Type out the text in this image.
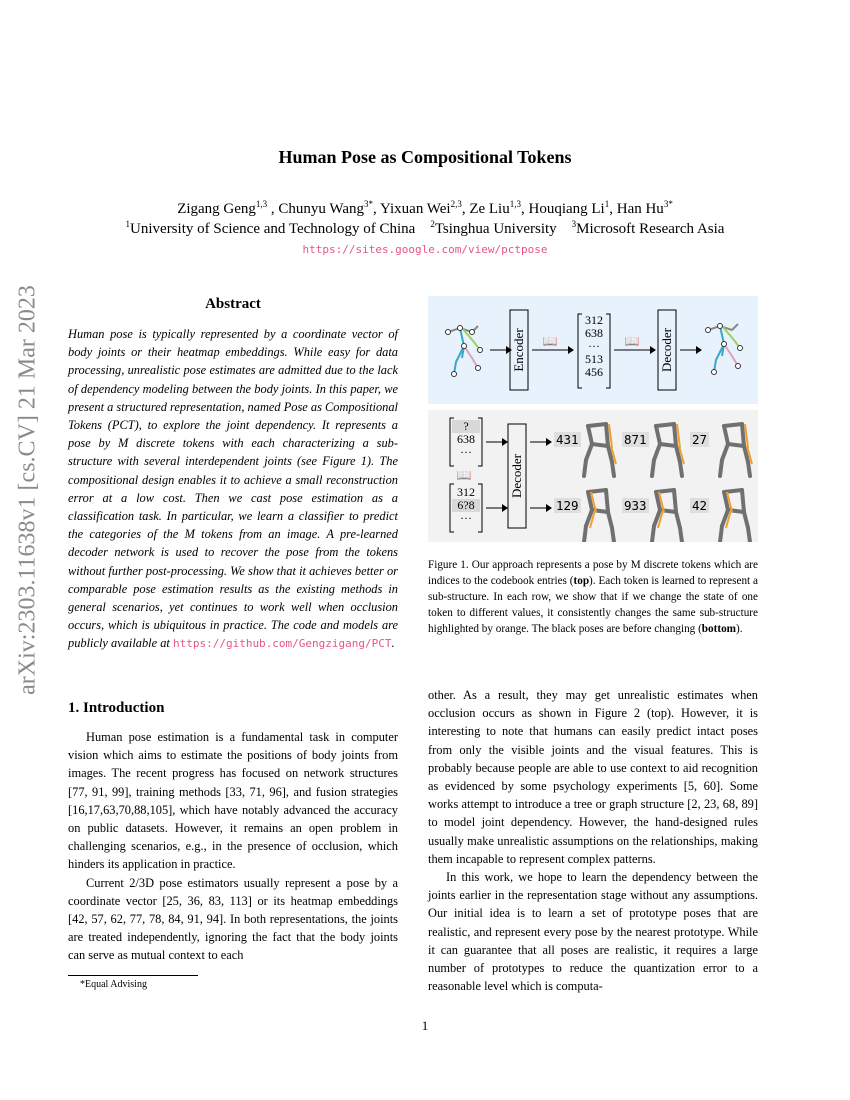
Human Pose as Compositional Tokens
Zigang Geng$^{1,3}$ , Chunyu Wang$^{3*}$, Yixuan Wei$^{2,3}$, Ze Liu$^{1,3}$, Houqiang Li$^1$, Han $Hu^{3*}$
$^1$University of Science and Technology of China  $^2$Tsinghua University  $^3$Microsoft Research Asia
https://sites.google.com/view/pctpose
arXiv:2303.11638v1 [cs.CV] 21 Mar 2023	Abstract
Human pose is typically represented by a coordinate vector of body joints or their heatmap embeddings. While easy for data processing, unrealistic pose estimates are admitted due to the lack of dependency modeling between the body joints. In this paper, we present a structured representation, named Pose as Compositional Tokens (PCT), to explore the joint dependency. It represents a pose by M discrete tokens with each characterizing a sub-structure with several interdependent joints (see Figure 1). The compositional design enables it to achieve a small reconstruction error at a low cost. Then we cast pose estimation as a classification task. In particular, we learn a classifier to predict the categories of the M tokens from an image. A pre-learned decoder network is used to recover the pose from the tokens without further post-processing. We show that it achieves better or comparable pose estimation results as the existing methods in general scenarios, yet continues to work well when occlusion occurs, which is ubiquitous in practice. The code and models are publicly available at https://github.com/Gengzigang/PCT.
1. Introduction

Human pose estimation is a fundamental task in computer vision which aims to estimate the positions of body joints from images. The recent progress has focused on network structures [77, 91, 99], training methods [33, 71, 96], and fusion strategies [16,17,63,70,88,105], which have notably advanced the accuracy on public datasets. However, it remains an open problem in challenging scenarios, e.g., in the presence of occlusion, which hinders its application in practice.

Current 2/3D pose estimators usually represent a pose by a coordinate vector [25, 36, 83, 113] or its heatmap embeddings [42, 57, 62, 77, 78, 84, 91, 94]. In both representations, the joints are treated independently, ignoring the fact that the body joints can serve as mutual context to each

*Equal Advising
Encoder 📖	📖 Decoder
312
638
···
513
456
📖	Decoder
?
638
···
312
6?8
···
431	871	27
129	933	42
Figure 1. Our approach represents a pose by M discrete tokens which are indices to the codebook entries (top). Each token is learned to represent a sub-structure. In each row, we show that if we change the state of one token to different values, it consistently changes the same sub-structure highlighted by orange. The black poses are before changing (bottom).

other. As a result, they may get unrealistic estimates when occlusion occurs as shown in Figure 2 (top). However, it is interesting to note that humans can easily predict intact poses from only the visible joints and the visual features. This is probably because people are able to use context to aid recognition as evidenced by some psychology experiments [5, 60]. Some works attempt to introduce a tree or graph structure [2, 23, 68, 89] to model joint dependency. However, the hand-designed rules usually make unrealistic assumptions on the relationships, making them incapable to represent complex patterns.

In this work, we hope to learn the dependency between the joints earlier in the representation stage without any assumptions. Our initial idea is to learn a set of prototype poses that are realistic, and represent every pose by the nearest prototype. While it can guarantee that all poses are realistic, it requires a large number of prototypes to reduce the quantization error to a reasonable level which is computa-

1
